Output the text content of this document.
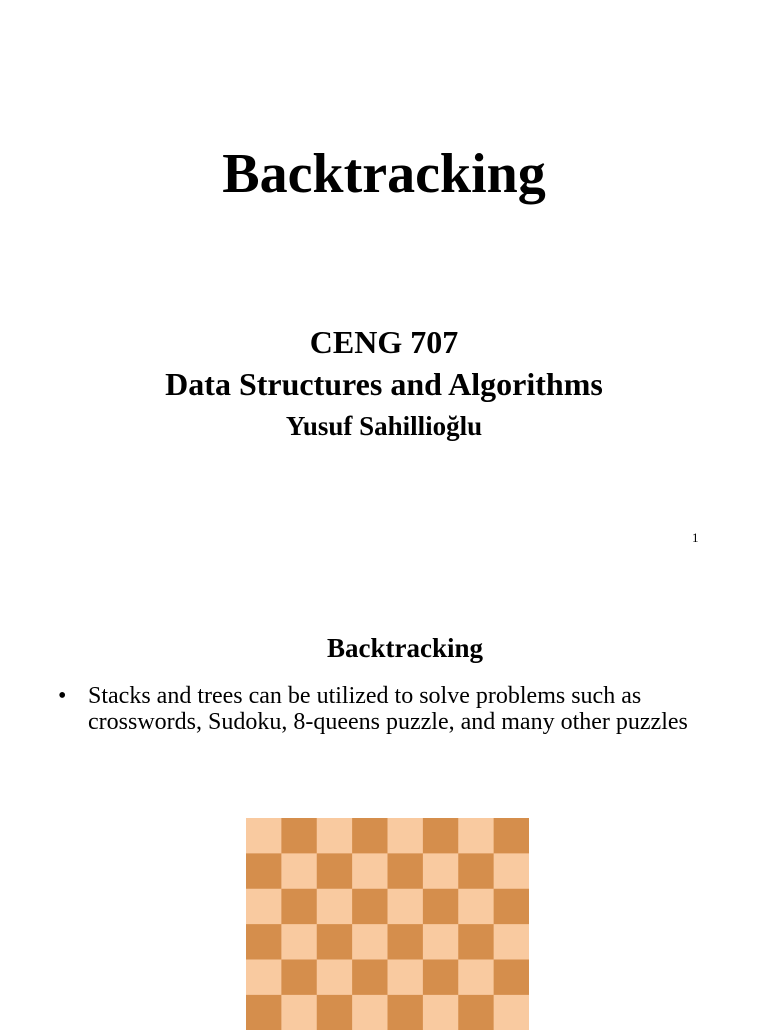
Backtracking
CENG 707
Data Structures and Algorithms
Yusuf Sahillioğlu
1
Backtracking
• Stacks and trees can be utilized to solve problems such as crosswords, Sudoku, 8-queens puzzle, and many other puzzles
